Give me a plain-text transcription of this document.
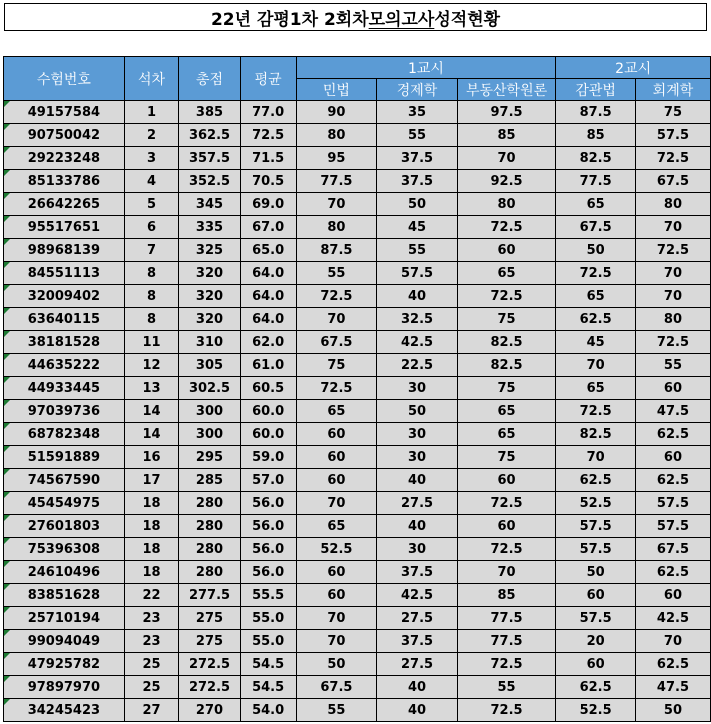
22년 감평1차 2회차 모의고사 성적현황
수험번호	석차	총점	평균	1교시			2교시	
				민법	경제학	부동산학원론	감관법	회계학
49157584	1	385	77.0	90	35	97.5	87.5	75
90750042	2	362.5	72.5	80	55	85	85	57.5
29223248	3	357.5	71.5	95	37.5	70	82.5	72.5
85133786	4	352.5	70.5	77.5	37.5	92.5	77.5	67.5
26642265	5	345	69.0	70	50	80	65	80
95517651	6	335	67.0	80	45	72.5	67.5	70
98968139	7	325	65.0	87.5	55	60	50	72.5
84551113	8	320	64.0	55	57.5	65	72.5	70
32009402	8	320	64.0	72.5	40	72.5	65	70
63640115	8	320	64.0	70	32.5	75	62.5	80
38181528	11	310	62.0	67.5	42.5	82.5	45	72.5
44635222	12	305	61.0	75	22.5	82.5	70	55
44933445	13	302.5	60.5	72.5	30	75	65	60
97039736	14	300	60.0	65	50	65	72.5	47.5
68782348	14	300	60.0	60	30	65	82.5	62.5
51591889	16	295	59.0	60	30	75	70	60
74567590	17	285	57.0	60	40	60	62.5	62.5
45454975	18	280	56.0	70	27.5	72.5	52.5	57.5
27601803	18	280	56.0	65	40	60	57.5	57.5
75396308	18	280	56.0	52.5	30	72.5	57.5	67.5
24610496	18	280	56.0	60	37.5	70	50	62.5
83851628	22	277.5	55.5	60	42.5	85	60	60
25710194	23	275	55.0	70	27.5	77.5	57.5	42.5
99094049	23	275	55.0	70	37.5	77.5	20	70
47925782	25	272.5	54.5	50	27.5	72.5	60	62.5
97897970	25	272.5	54.5	67.5	40	55	62.5	47.5
34245423	27	270	54.0	55	40	72.5	52.5	50
